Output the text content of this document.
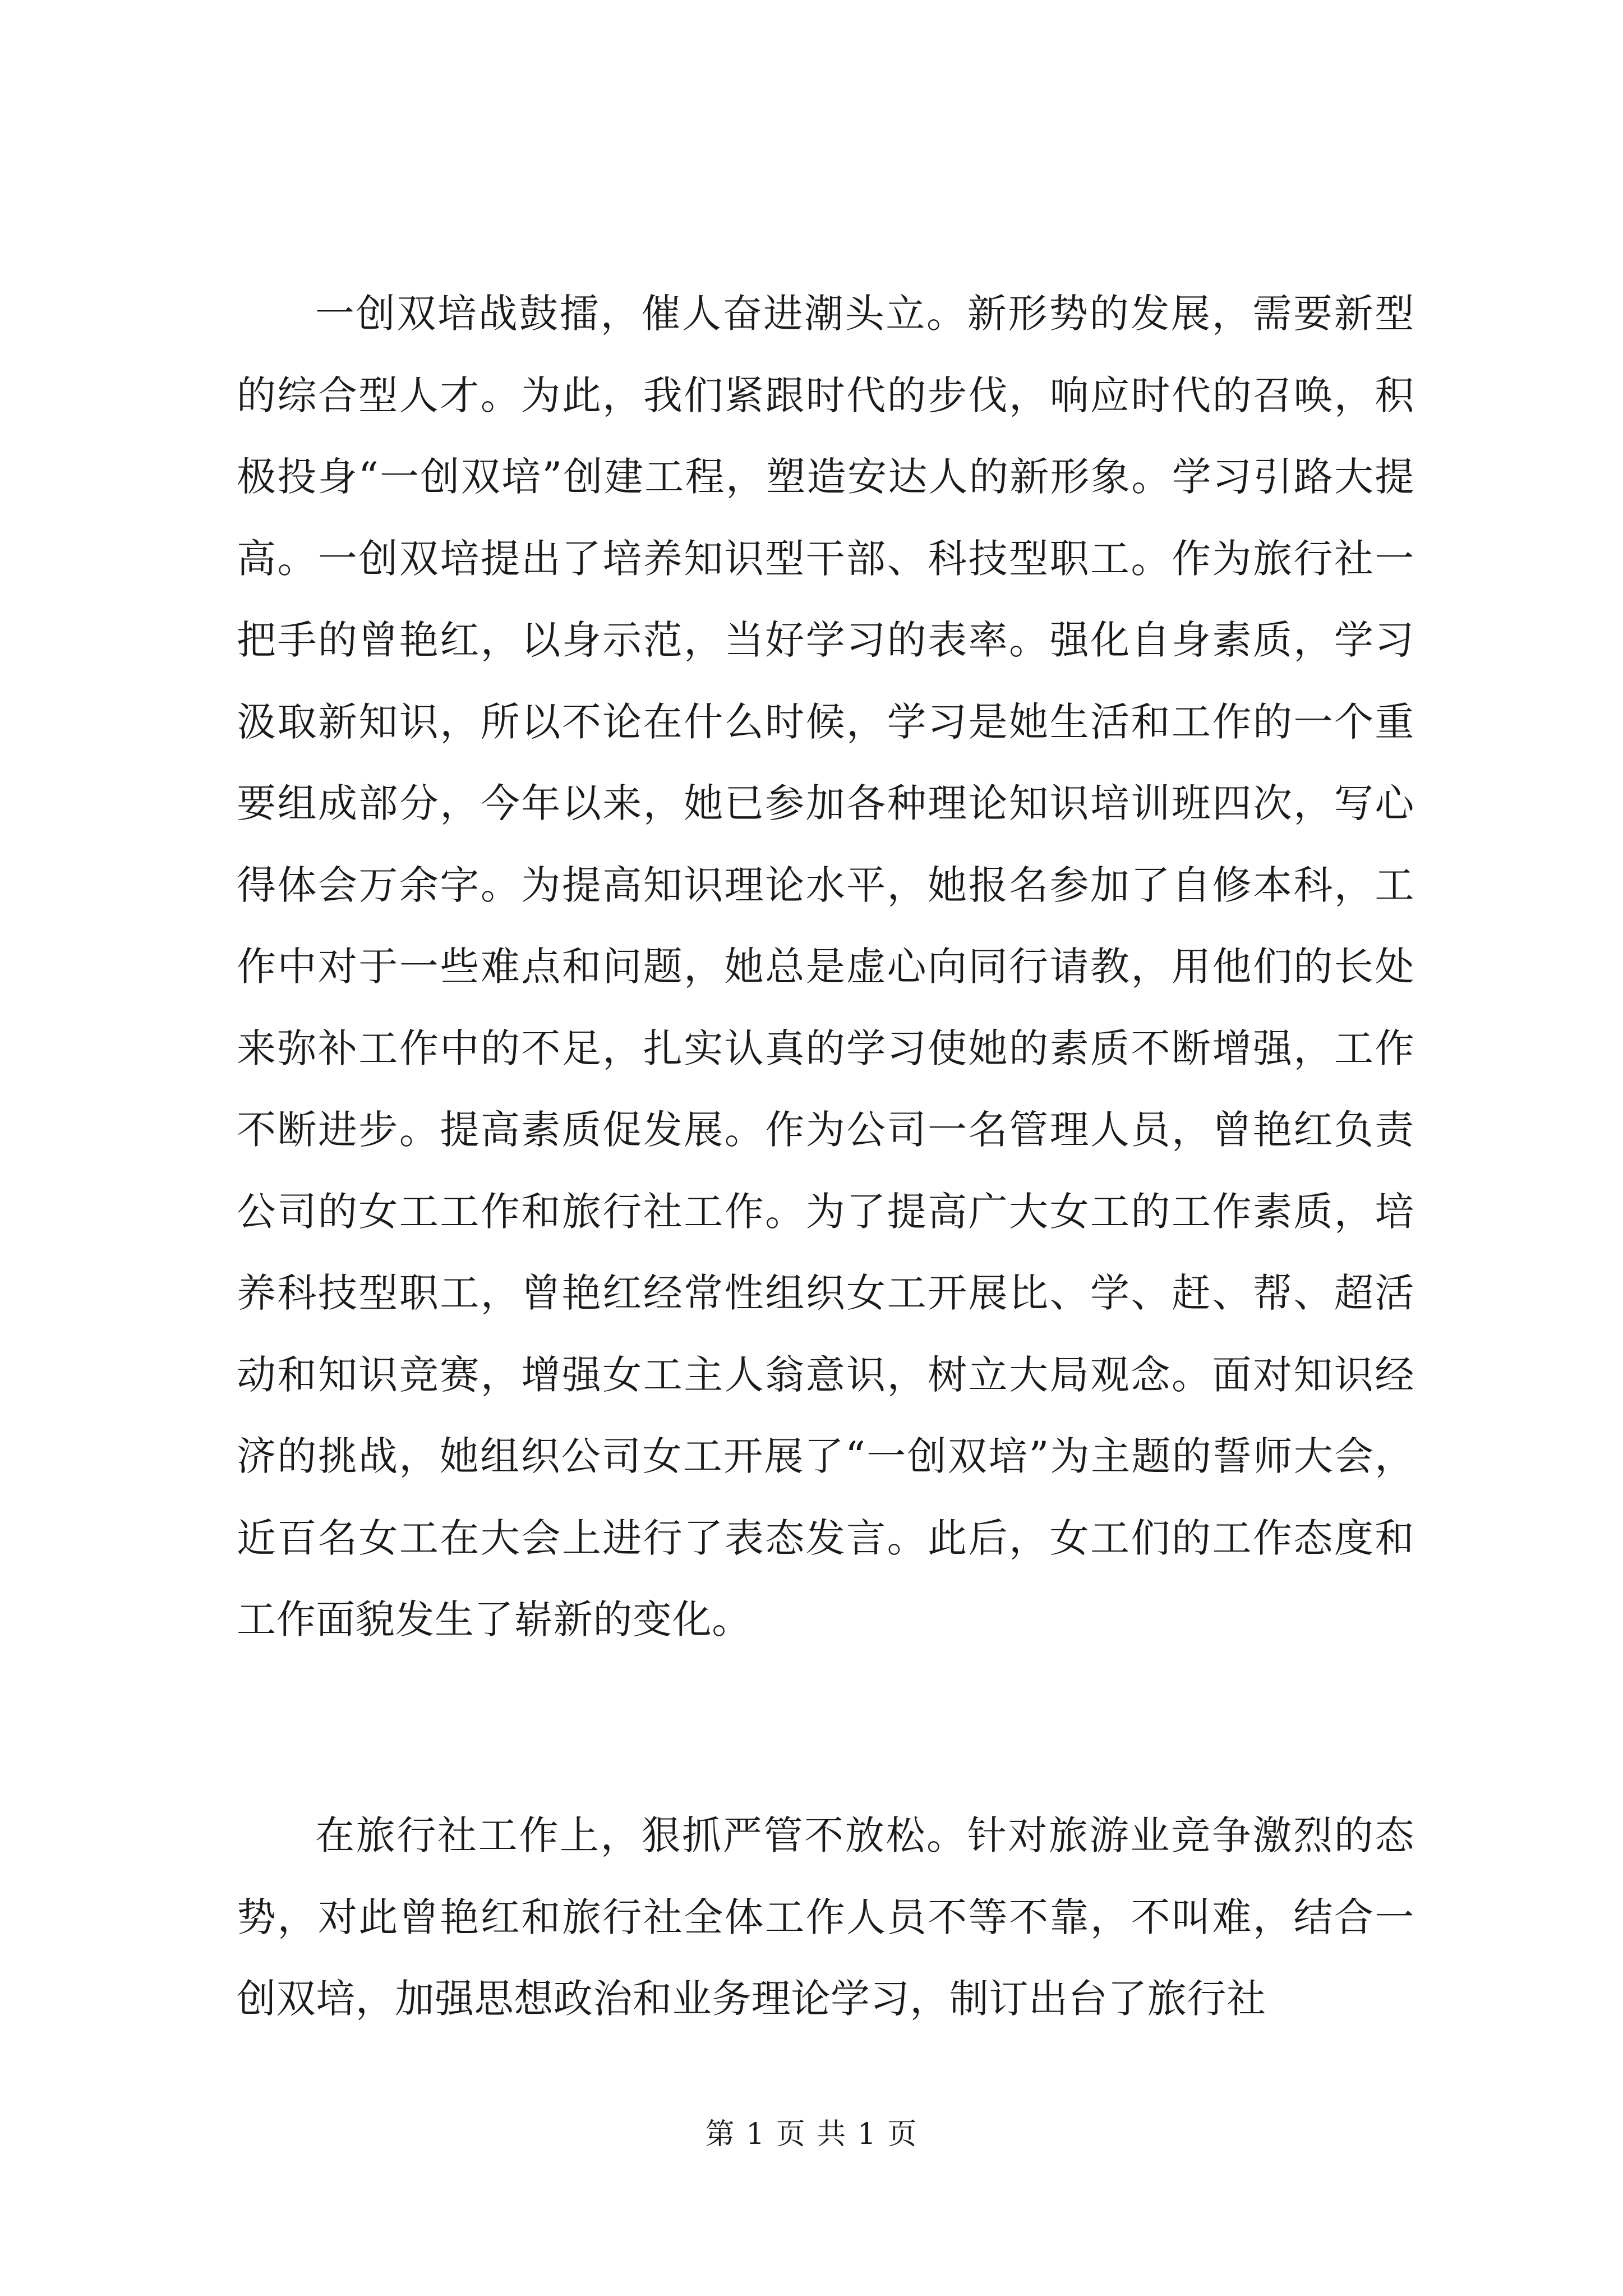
一创双培战鼓擂，催人奋进潮头立。新形势的发展，需要新型的综合型人才。为此，我们紧跟时代的步伐，响应时代的召唤，积极投身“一创双培”创建工程，塑造安达人的新形象。学习引路大提高。一创双培提出了培养知识型干部、科技型职工。作为旅行社一把手的曾艳红，以身示范，当好学习的表率。强化自身素质，学习汲取新知识，所以不论在什么时候，学习是她生活和工作的一个重要组成部分，今年以来，她已参加各种理论知识培训班四次，写心得体会万余字。为提高知识理论水平，她报名参加了自修本科，工作中对于一些难点和问题，她总是虚心向同行请教，用他们的长处来弥补工作中的不足，扎实认真的学习使她的素质不断增强，工作不断进步。提高素质促发展。作为公司一名管理人员，曾艳红负责公司的女工工作和旅行社工作。为了提高广大女工的工作素质，培养科技型职工，曾艳红经常性组织女工开展比、学、赶、帮、超活动和知识竞赛，增强女工主人翁意识，树立大局观念。面对知识经济的挑战，她组织公司女工开展了“一创双培”为主题的誓师大会，近百名女工在大会上进行了表态发言。此后，女工们的工作态度和工作面貌发生了崭新的变化。

在旅行社工作上，狠抓严管不放松。针对旅游业竞争激烈的态势，对此曾艳红和旅行社全体工作人员不等不靠，不叫难，结合一创双培，加强思想政治和业务理论学习，制订出台了旅行社

第 1 页 共 1 页
